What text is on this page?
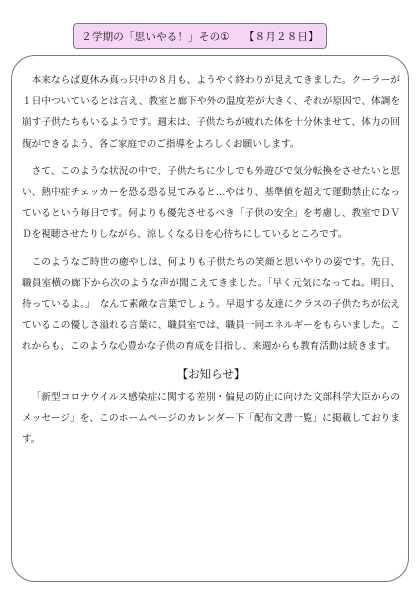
２学期の「思いやる！」その① 【８月２８日】

本来ならば夏休み真っ只中の８月も、ようやく終わりが見えてきました。クーラーが１日中ついているとは言え、教室と廊下や外の温度差が大きく、それが原因で、体調を崩す子供たちもいるようです。週末は、子供たちが疲れた体を十分休ませて、体力の回復ができるよう、各ご家庭でのご指導をよろしくお願いします。

さて、このような状況の中で、子供たちに少しでも外遊びで気分転換をさせたいと思い、熱中症チェッカーを恐る恐る見てみると…やはり、基準値を超えて運動禁止になっているという毎日です。何よりも優先させるべき「子供の安全」を考慮し、教室でＤＶＤを視聴させたりしながら、涼しくなる日を心待ちにしているところです。

このようなご時世の癒やしは、何よりも子供たちの笑顔と思いやりの姿です。先日、職員室横の廊下から次のような声が聞こえてきました。「早く元気になってね。明日、待っているよ。」　なんて素敵な言葉でしょう。早退する友達にクラスの子供たちが伝えているこの優しさ溢れる言葉に、職員室では、職員一同エネルギーをもらいました。これからも、このような心豊かな子供の育成を目指し、来週からも教育活動は続きます。

【お知らせ】

「新型コロナウイルス感染症に関する差別・偏見の防止に向けた文部科学大臣からのメッセージ」を、このホームページのカレンダー下「配布文書一覧」に掲載しております。
